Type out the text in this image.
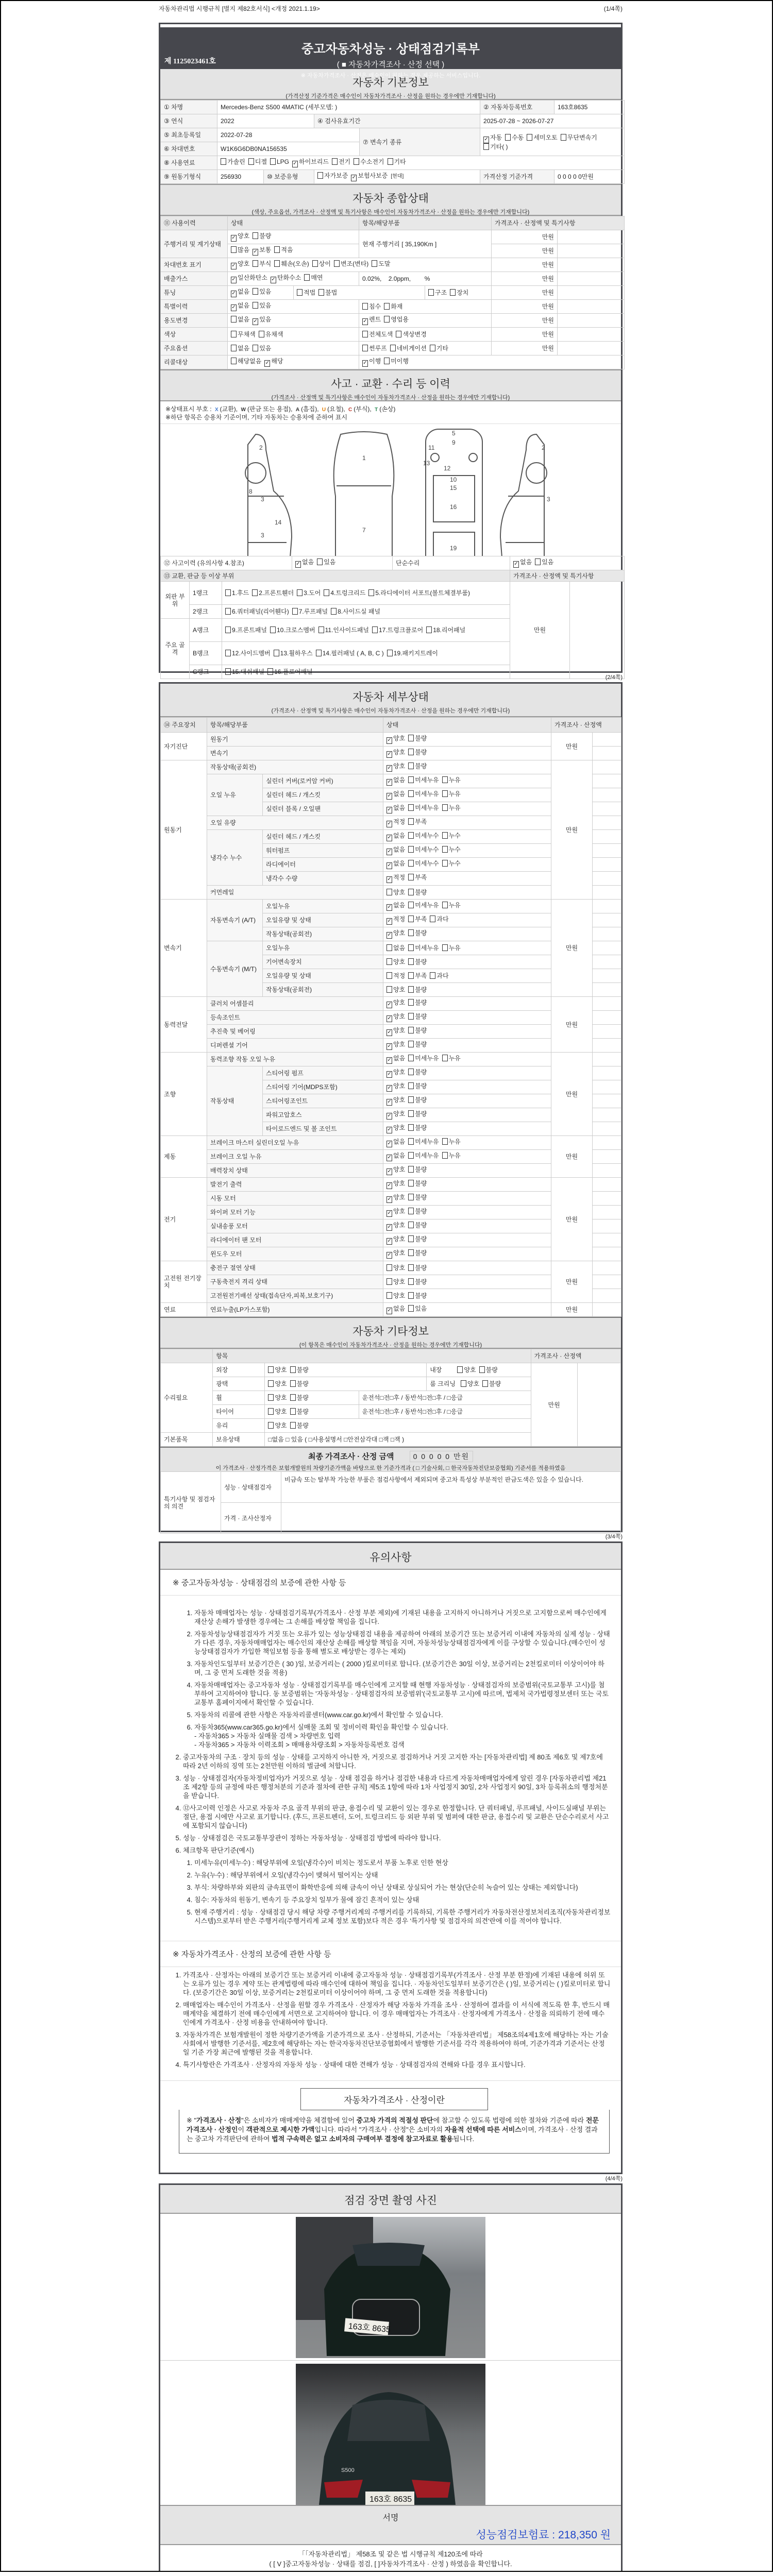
자동차관리법 시행규칙 [별지 제82호서식] <개정 2021.1.19>	(1/4쪽)
중고자동차성능 · 상태점검기록부
( ■ 자동차가격조사 · 산정 선택 )
※ 자동차가격조사 · 산정은 매수인이 원하는 경우 제공하는 서비스입니다.
제 1125023461호
자동차 기본정보
(가격산정 기준가격은 매수인이 자동차가격조사 · 산정을 원하는 경우에만 기재합니다)
① 차명	Mercedes-Benz S500 4MATIC (세부모델: )				② 자동차등록번호	163호8635
③ 연식	2022		④ 검사유효기간		2025-07-28 ~ 2026-07-27	
⑤ 최초등록일	2022-07-28			⑦ 변속기 종류	✓ 자동 수동 세미오토 무단변속기기타( )	
⑥ 차대번호	W1K6G6DB0NA156535					
⑧ 사용연료	가솔린 디젤 LPG ✓ 하이브리드 전기 수소전기 기타					
⑨ 원동기형식	256930	⑩ 보증유형	자가보증 ✓ 보험사보증 [현대]		가격산정 기준가격	0 0 0 0 0만원
자동차 종합상태
(색상, 주요옵션, 가격조사 · 산정액 및 특기사항은 매수인이 자동차가격조사 · 산정을 원하는 경우에만 기재합니다)
⑪ 사용이력	상태		항목/해당부품		가격조사 · 산정액 및 특기사항	
주행거리 및 계기상태	✓ 양호 불량		현재 주행거리 [ 35,190Km ]		만원	
	많음 ✓ 보통 적음				만원	
차대번호 표기	✓ 양호 부식 훼손(오손) 상이 변조(변타) 도말				만원	
배출가스	✓ 일산화탄소 ✓ 탄화수소 매연		0.02%,    2.0ppm,        %		만원	
튜닝	✓ 없음 있음	적법 불법		구조 장치	만원	
특별이력	✓ 없음 있음		침수 화재		만원	
용도변경	없음 ✓ 있음		✓ 렌트 영업용		만원	
색상	무채색 유채색		전체도색 색상변경		만원	
주요옵션	없음 있음		썬루프 네비게이션 기타		만원	
리콜대상	해당없음 ✓ 해당		✓ 이행 미이행			
사고 · 교환 · 수리 등 이력
(가격조사 · 산정액 및 특기사항은 매수인이 자동차가격조사 · 산정을 원하는 경우에만 기재합니다)
※상태표시 부호 : X (교환), W (판금 또는 용접), A (흠집), U (요철), C (부식), T (손상)
※하단 항목은 승용차 기준이며, 기타 자동차는 승용차에 준하여 표시
2
3
3
8
14
1
7
5
9
11
12
13
10
15
16
19
3
2
⑫ 사고이력 (유의사항 4.참조)			✓ 없음 있음	단순수리	✓ 없음 있음	
⑬ 교환, 판금 등 이상 부위					가격조사 · 산정액 및 특기사항	
외판 부위	1랭크	1.후드 2.프론트휀더 3.도어 4.트렁크리드 5.라디에이터 서포트(볼트체결부품)			만원	
	2랭크	6.쿼터패널(리어휀다) 7.루프패널 8.사이드실 패널				
주요 골격	A랭크	9.프론트패널 10.크로스멤버 11.인사이드패널 17.트렁크플로어 18.리어패널				
	B랭크	12.사이드멤버 13.휠하우스 14.필러패널 ( A, B, C ) 19.패키지트레이				
	C랭크	15.대쉬패널 16.플로어패널				
(2/4쪽)
자동차 세부상태
(가격조사 · 산정액 및 특기사항은 매수인이 자동차가격조사 · 산정을 원하는 경우에만 기재합니다)
⑭ 주요장치	항목/해당부품		상태	가격조사 · 산정액	
자기진단	원동기		✓ 양호 불량	만원	
	변속기		✓ 양호 불량		
원동기	작동상태(공회전)		✓ 양호 불량	만원	
	오일 누유	실린더 커버(로커암 커버)	✓ 없음 미세누유 누유		
		실린더 헤드 / 개스킷	✓ 없음 미세누유 누유		
		실린더 블록 / 오일팬	✓ 없음 미세누유 누유		
	오일 유량		✓ 적정 부족		
	냉각수 누수	실린더 헤드 / 개스킷	✓ 없음 미세누수 누수		
		워터펌프	✓ 없음 미세누수 누수		
		라디에이터	✓ 없음 미세누수 누수		
		냉각수 수량	✓ 적정 부족		
	커먼레일		양호 불량		
변속기	자동변속기 (A/T)	오일누유	✓ 없음 미세누유 누유	만원	
		오일유량 및 상태	✓ 적정 부족 과다		
		작동상태(공회전)	✓ 양호 불량		
	수동변속기 (M/T)	오일누유	없음 미세누유 누유		
		기어변속장치	양호 불량		
		오일유량 및 상태	적정 부족 과다		
		작동상태(공회전)	양호 불량		
동력전달	클러치 어셈블리		✓ 양호 불량	만원	
	등속조인트		✓ 양호 불량		
	추진축 및 베어링		✓ 양호 불량		
	디퍼렌셜 기어		✓ 양호 불량		
조향	동력조향 작동 오일 누유		✓ 없음 미세누유 누유	만원	
	작동상태	스티어링 펌프	✓ 양호 불량		
		스티어링 기어(MDPS포함)	✓ 양호 불량		
		스티어링조인트	✓ 양호 불량		
		파워고압호스	✓ 양호 불량		
		타이로드엔드 및 볼 조인트	✓ 양호 불량		
제동	브레이크 마스터 실린더오일 누유		✓ 없음 미세누유 누유	만원	
	브레이크 오일 누유		✓ 없음 미세누유 누유		
	배력장치 상태		✓ 양호 불량		
전기	발전기 출력		✓ 양호 불량	만원	
	시동 모터		✓ 양호 불량		
	와이퍼 모터 기능		✓ 양호 불량		
	실내송풍 모터		✓ 양호 불량		
	라디에이터 팬 모터		✓ 양호 불량		
	윈도우 모터		✓ 양호 불량		
고전원 전기장치	충전구 절연 상태		양호 불량	만원	
	구동축전지 격리 상태		양호 불량		
	고전원전기배선 상태(접속단자,피복,보호기구)		양호 불량		
연료	연료누출(LP가스포함)		✓ 없음 있음	만원	
자동차 기타정보
(이 항목은 매수인이 자동차가격조사 · 산정을 원하는 경우에만 기재합니다)
	항목				가격조사 · 산정액	
수리필요	외장	양호 불량		내장 양호 불량	만원	
	광택	양호 불량		룸 크리닝 양호 불량		
	휠	양호 불량	운전석□전□후 / 동반석□전□후 / □응급			
	타이어	양호 불량	운전석□전□후 / 동반석□전□후 / □응급			
	유리	양호 불량				
기본품목	보유상태	□없음 □ 있음 ( □사용설명서 □안전삼각대 □잭 □잭 )				
최종 가격조사 · 산정 금액	0 0 0 0 0 만원
이 가격조사 · 산정가격은 보험개발원의 차량기준가액을 바탕으로 한 기준가격과 ( □ 기술사회, □ 한국자동차진단보증협회) 기준서를 적용하였음
특기사항 및 점검자의 의견	성능 · 상태점검자	비금속 또는 탈부착 가능한 부품은 점검사항에서 제외되며 중고차 특성상 부분적인 판금도색은 있을 수 있습니다.
	가격 · 조사산정자	
(3/4쪽)
유의사항
※ 중고자동차성능 · 상태점검의 보증에 관한 사항 등
1. 자동차 매매업자는 성능 · 상태점검기록부(가격조사 · 산정 부분 제외)에 기재된 내용을 고지하지 아니하거나 거짓으로 고지함으로써 매수인에게 재산상 손해가 발생한 경우에는 그 손해를 배상할 책임을 집니다.
2. 자동차성능상태점검자가 거짓 또는 오류가 있는 성능상태점검 내용을 제공하여 아래의 보증기간 또는 보증거리 이내에 자동차의 실제 성능 · 상태가 다른 경우, 자동차매매업자는 매수인의 재산상 손해를 배상할 책임을 지며, 자동차성능상태점검자에게 이를 구상할 수 있습니다.(매수인이 성능상태점검자가 가입한 책임보험 등을 통해 별도로 배상받는 경우는 제외)
3. 자동차인도일부터 보증기간은 ( 30 )일, 보증거리는 ( 2000 )킬로미터로 합니다. (보증기간은 30일 이상, 보증거리는 2천킬로미터 이상이어야 하며, 그 중 먼저 도래한 것을 적용)
4. 자동차매매업자는 중고자동차 성능 · 상태점검기록부를 매수인에게 고지할 때 현행 자동차성능 · 상태점검자의 보증범위(국토교통부 고시)를 첨부하여 고지하여야 합니다. 동 보증범위는 '자동차성능 · 상태점검자의 보증범위'(국토교통부 고시)에 따르며, 법제처 국가법령정보센터 또는 국토교통부 홈페이지에서 확인할 수 있습니다.
5. 자동차의 리콜에 관한 사항은 자동차리콜센터(www.car.go.kr)에서 확인할 수 있습니다.
6. 자동차365(www.car365.go.kr)에서 실매물 조회 및 정비이력 확인을 확인할 수 있습니다.
- 자동차365 > 자동차 실매물 검색 > 차량번호 입력
- 자동차365 > 자동차 이력조회 > 매매용차량조회 > 자동차등록번호 검색
2. 중고자동차의 구조 · 장치 등의 성능 · 상태를 고지하지 아니한 자, 거짓으로 점검하거나 거짓 고지한 자는 [자동차관리법] 제 80조 제6호 및 제7호에 따라 2년 이하의 징역 또는 2천만원 이하의 벌금에 처합니다.
3. 성능 · 상태점검자(자동차정비업자)가 거짓으로 성능 · 상태 점검을 하거나 점검한 내용과 다르게 자동차매매업자에게 알린 경우 [자동차관리법 제21조 제2항 등의 규정에 따른 행정처분의 기준과 절차에 관한 규칙] 제5조 1항에 따라 1차 사업정지 30일, 2차 사업정지 90일, 3차 등록취소의 행정처분을 받습니다.
4. ⑫사고이력 인정은 사고로 자동차 주요 골격 부위의 판금, 용접수리 및 교환이 있는 경우로 한정합니다. 단 쿼터패널, 루프패널, 사이드실패널 부위는 절단, 용접 시에만 사고로 표기합니다. (후드, 프론트펜더, 도어, 트렁크리드 등 외판 부위 및 범퍼에 대한 판금, 용접수리 및 교환은 단순수리로서 사고에 포함되지 않습니다)
5. 성능 · 상태점검은 국토교통부장관이 정하는 자동차성능 · 상태점검 방법에 따라야 합니다.
6. 체크항목 판단기준(예시)
1. 미세누유(미세누수) : 해당부위에 오일(냉각수)이 비치는 정도로서 부품 노후로 인한 현상
2. 누유(누수) : 해당부위에서 오일(냉각수)이 맺혀서 떨어지는 상태
3. 부식: 차량하부와 외판의 금속표면이 화학반응에 의해 금속이 아닌 상태로 상실되어 가는 현상(단순히 녹슬어 있는 상태는 제외합니다)
4. 침수: 자동차의 원동기, 변속기 등 주요장치 일부가 물에 잠긴 흔적이 있는 상태
5. 현재 주행거리 : 성능 · 상태점검 당시 해당 차량 주행거리계의 주행거리를 기록하되, 기록한 주행거리가 자동차전산정보처리조직(자동차관리정보시스템)으로부터 받은 주행거리(주행거리계 교체 정보 포함)보다 적은 경우 '특기사항 및 점검자의 의견'란에 이를 적어야 합니다.
※ 자동차가격조사 · 산정의 보증에 관한 사항 등
1. 가격조사 · 산정자는 아래의 보증기간 또는 보증거리 이내에 중고자동차 성능 · 상태점검기록부(가격조사 · 산정 부분 한정)에 기재된 내용에 허위 또는 오류가 있는 경우 계약 또는 관계법령에 따라 매수인에 대하여 책임을 집니다. · 자동차인도일부터 보증기간은 ( )일, 보증거리는 ( )킬로미터로 합니다. (보증기간은 30일 이상, 보증거리는 2천킬로미터 이상이어야 하며, 그 중 먼저 도래한 것을 적용합니다)
2. 매매업자는 매수인이 가격조사 · 산정을 원할 경우 가격조사 · 산정자가 해당 자동차 가격을 조사 · 산정하여 결과를 이 서식에 적도록 한 후, 반드시 매매계약을 체결하기 전에 매수인에게 서면으로 고지하여야 합니다. 이 경우 매매업자는 가격조사 · 산정자에게 가격조사 · 산정을 의뢰하기 전에 매수인에게 가격조사 · 산정 비용을 안내하여야 합니다.
3. 자동차가격은 보험개발원이 정한 차량기준가액을 기준가격으로 조사 · 산정하되, 기준서는 「자동차관리법」 제58조의4제1호에 해당하는 자는 기술사회에서 발행한 기준서를, 제2호에 해당하는 자는 한국자동차진단보증협회에서 발행한 기준서를 각각 적용하여야 하며, 기준가격과 기준서는 산정일 기준 가장 최근에 발행된 것을 적용합니다.
4. 특기사항란은 가격조사 · 산정자의 자동차 성능 · 상태에 대한 견해가 성능 · 상태점검자의 견해와 다를 경우 표시합니다.
자동차가격조사 · 산정이란
※ "가격조사 · 산정"은 소비자가 매매계약을 체결함에 있어 중고차 가격의 적절성 판단에 참고할 수 있도록 법령에 의한 절차와 기준에 따라 전문 가격조사 · 산정인이 객관적으로 제시한 가액입니다. 따라서 "가격조사 · 산정"은 소비자의 자율적 선택에 따른 서비스이며, 가격조사 · 산정 결과는 중고차 가격판단에 관하여 법적 구속력은 없고 소비자의 구매여부 결정에 참고자료로 활용됩니다.
(4/4쪽)
점검 장면 촬영 사진
163호 8635
163호 8635
S500
서명
성능점검보험료 : 218,350 원
「「자동차관리법」 제58조 및 같은 법 시행규칙 제120조에 따라
( [ V ]중고자동차성능 · 상태를 점검, [ ]자동차가격조사 · 산정 ) 하였음을 확인합니다.
